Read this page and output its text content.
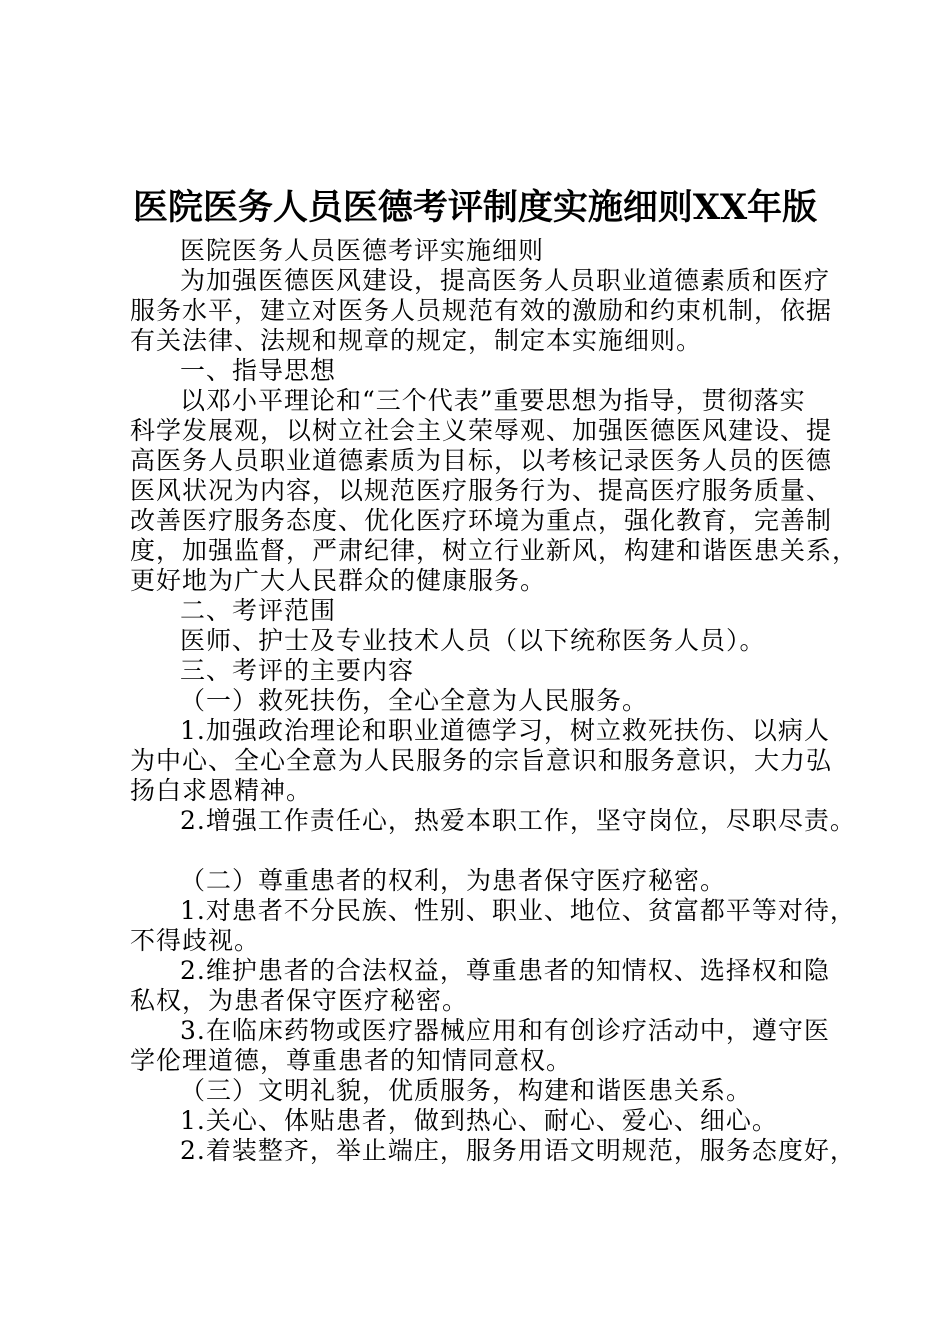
医院医务人员医德考评制度实施细则XX年版

医院医务人员医德考评实施细则

为加强医德医风建设，提高医务人员职业道德素质和医疗

服务水平，建立对医务人员规范有效的激励和约束机制，依据

有关法律、法规和规章的规定，制定本实施细则。

一、指导思想

以邓小平理论和“三个代表”重要思想为指导，贯彻落实

科学发展观，以树立社会主义荣辱观、加强医德医风建设、提

高医务人员职业道德素质为目标，以考核记录医务人员的医德

医风状况为内容，以规范医疗服务行为、提高医疗服务质量、

改善医疗服务态度、优化医疗环境为重点，强化教育，完善制

度，加强监督，严肃纪律，树立行业新风，构建和谐医患关系，

更好地为广大人民群众的健康服务。

二、考评范围

医师、护士及专业技术人员（以下统称医务人员）。

三、考评的主要内容

（一）救死扶伤，全心全意为人民服务。

1.加强政治理论和职业道德学习，树立救死扶伤、以病人

为中心、全心全意为人民服务的宗旨意识和服务意识，大力弘

扬白求恩精神。

2.增强工作责任心，热爱本职工作，坚守岗位，尽职尽责。

（二）尊重患者的权利，为患者保守医疗秘密。

1.对患者不分民族、性别、职业、地位、贫富都平等对待，

不得歧视。

2.维护患者的合法权益，尊重患者的知情权、选择权和隐

私权，为患者保守医疗秘密。

3.在临床药物或医疗器械应用和有创诊疗活动中，遵守医

学伦理道德，尊重患者的知情同意权。

（三）文明礼貌，优质服务，构建和谐医患关系。

1.关心、体贴患者，做到热心、耐心、爱心、细心。

2.着装整齐，举止端庄，服务用语文明规范，服务态度好，
